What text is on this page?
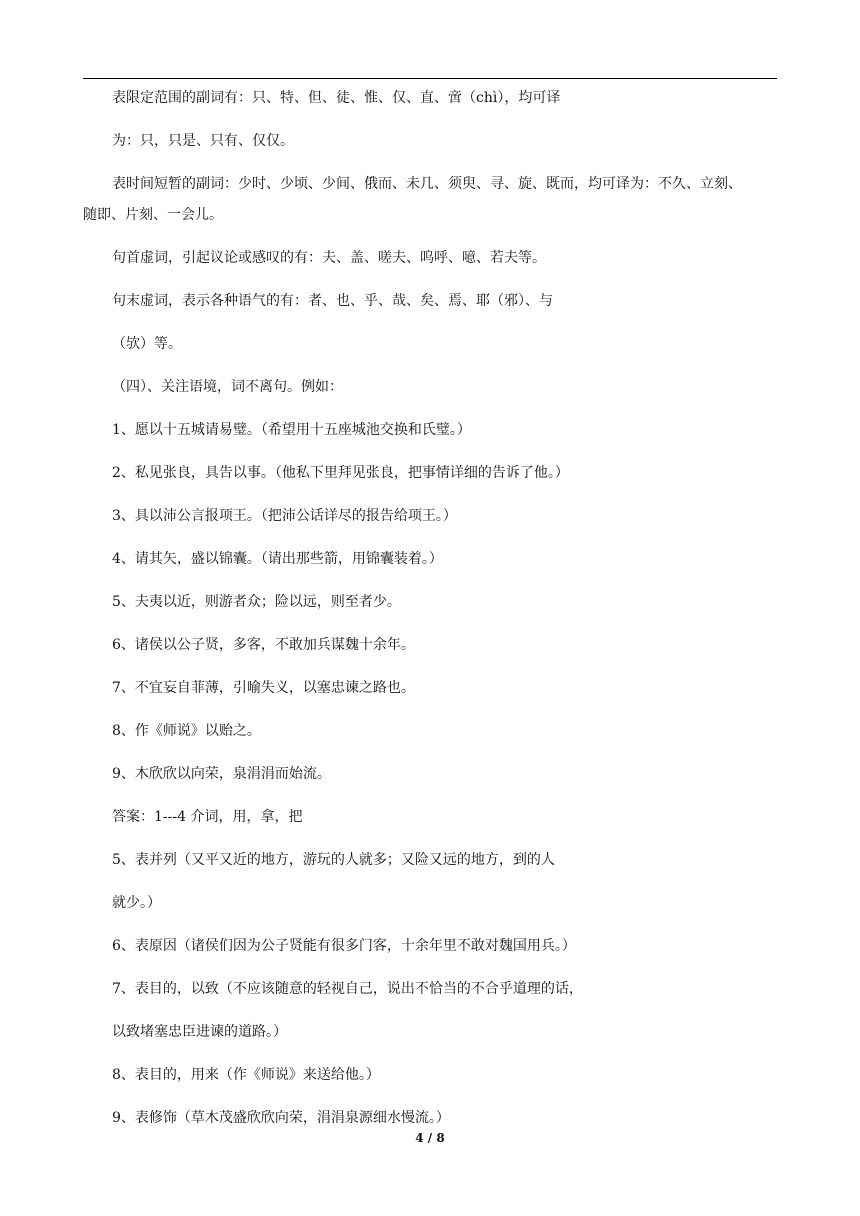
表限定范围的副词有：只、特、但、徒、惟、仅、直、啻（chì），均可译
为：只，只是、只有、仅仅。
表时间短暂的副词：少时、少顷、少间、俄而、未几、须臾、寻、旋、既而，均可译为：不久、立刻、
随即、片刻、一会儿。
句首虚词，引起议论或感叹的有：夫、盖、嗟夫、呜呼、噫、若夫等。
句末虚词，表示各种语气的有：者、也、乎、哉、矣、焉、耶（邪）、与
（欤）等。
（四）、关注语境，词不离句。例如：
1、愿以十五城请易璧。（希望用十五座城池交换和氏璧。）
2、私见张良，具告以事。（他私下里拜见张良，把事情详细的告诉了他。）
3、具以沛公言报项王。（把沛公话详尽的报告给项王。）
4、请其矢，盛以锦囊。（请出那些箭，用锦囊装着。）
5、夫夷以近，则游者众；险以远，则至者少。
6、诸侯以公子贤，多客，不敢加兵谋魏十余年。
7、不宜妄自菲薄，引喻失义，以塞忠谏之路也。
8、作《师说》以贻之。
9、木欣欣以向荣，泉涓涓而始流。
答案：1---4 介词，用，拿，把
5、表并列（又平又近的地方，游玩的人就多；又险又远的地方，到的人
就少。）
6、表原因（诸侯们因为公子贤能有很多门客，十余年里不敢对魏国用兵。）
7、表目的，以致（不应该随意的轻视自己，说出不恰当的不合乎道理的话，
以致堵塞忠臣进谏的道路。）
8、表目的，用来（作《师说》来送给他。）
9、表修饰（草木茂盛欣欣向荣，涓涓泉源细水慢流。）
4 / 8
